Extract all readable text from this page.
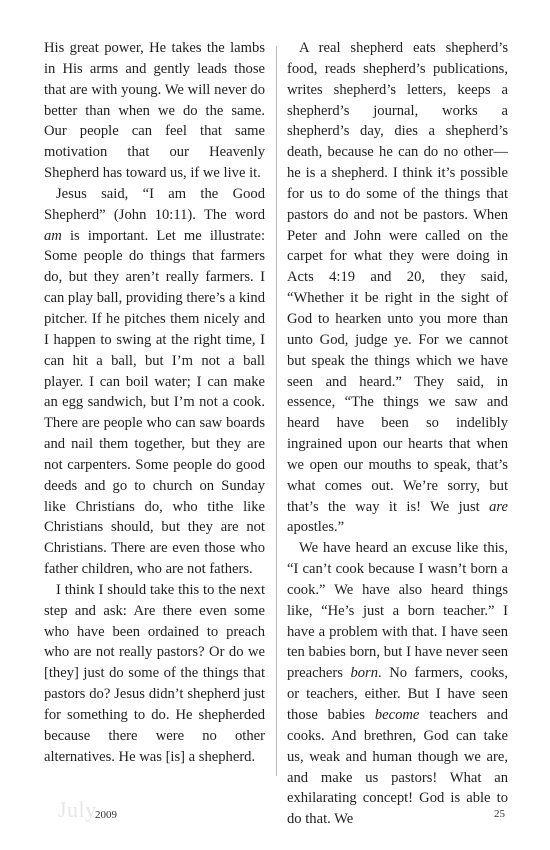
His great power, He takes the lambs in His arms and gently leads those that are with young. We will never do better than when we do the same. Our people can feel that same motivation that our Heavenly Shepherd has toward us, if we live it.

Jesus said, “I am the Good Shepherd” (John 10:11). The word am is important. Let me illustrate: Some people do things that farmers do, but they aren’t really farmers. I can play ball, providing there’s a kind pitcher. If he pitches them nicely and I happen to swing at the right time, I can hit a ball, but I’m not a ball player. I can boil water; I can make an egg sandwich, but I’m not a cook. There are people who can saw boards and nail them together, but they are not carpenters. Some people do good deeds and go to church on Sunday like Christians do, who tithe like Christians should, but they are not Christians. There are even those who father children, who are not fathers.

I think I should take this to the next step and ask: Are there even some who have been ordained to preach who are not really pastors? Or do we [they] just do some of the things that pastors do? Jesus didn’t shepherd just for something to do. He shepherded because there were no other alternatives. He was [is] a shepherd.

A real shepherd eats shepherd’s food, reads shepherd’s publications, writes shepherd’s letters, keeps a shepherd’s journal, works a shepherd’s day, dies a shepherd’s death, because he can do no other—he is a shepherd. I think it’s possible for us to do some of the things that pastors do and not be pastors. When Peter and John were called on the carpet for what they were doing in Acts 4:19 and 20, they said, “Whether it be right in the sight of God to hearken unto you more than unto God, judge ye. For we cannot but speak the things which we have seen and heard.” They said, in essence, “The things we saw and heard have been so indelibly ingrained upon our hearts that when we open our mouths to speak, that’s what comes out. We’re sorry, but that’s the way it is! We just are apostles.”

We have heard an excuse like this, “I can’t cook because I wasn’t born a cook.” We have also heard things like, “He’s just a born teacher.” I have a problem with that. I have seen ten babies born, but I have never seen preachers born. No farmers, cooks, or teachers, either. But I have seen those babies become teachers and cooks. And brethren, God can take us, weak and human though we are, and make us pastors! What an exhilarating concept! God is able to do that. We

July
2009	25
